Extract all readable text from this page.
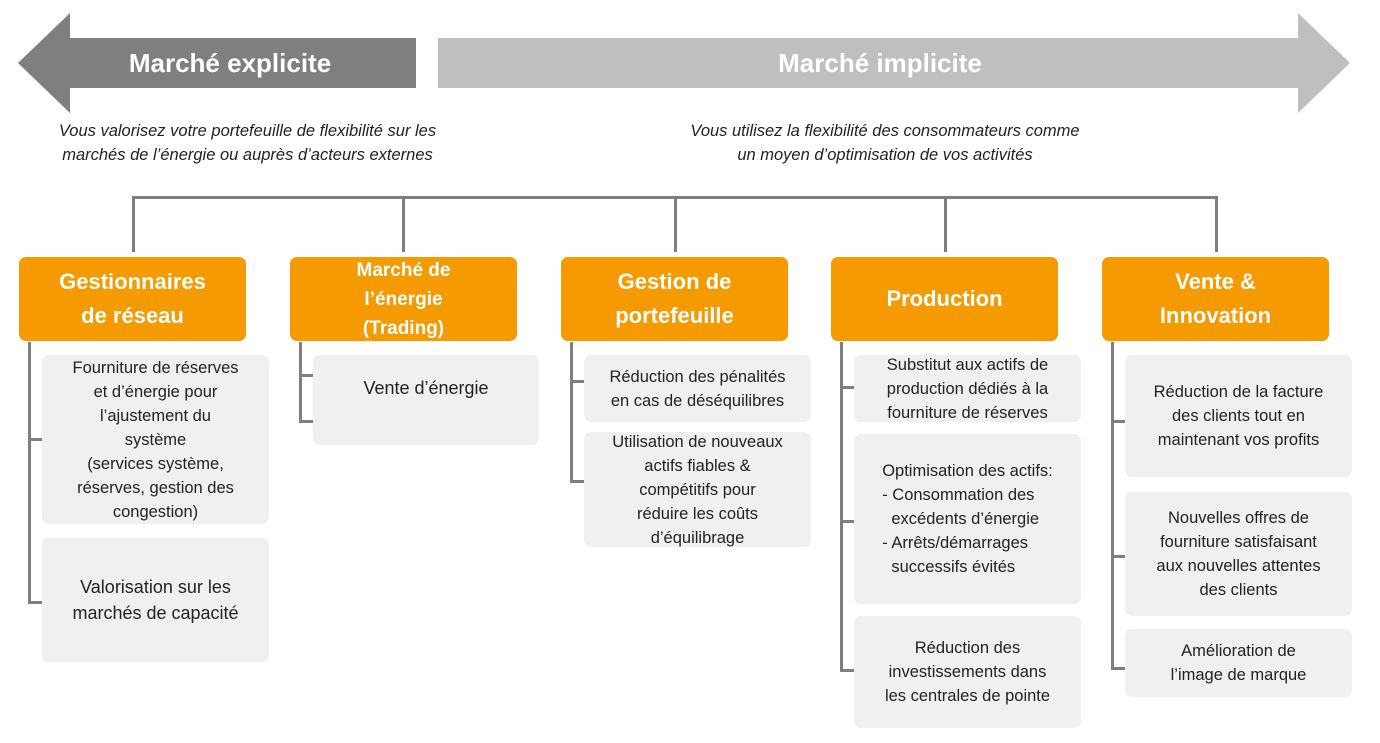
Marché explicite	Marché implicite
Vous valorisez votre portefeuille de flexibilité sur les
marchés de l’énergie ou auprès d’acteurs externes
Vous utilisez la flexibilité des consommateurs comme
un moyen d’optimisation de vos activités
Gestionnaires
de réseau
Fourniture de réserves
et d’énergie pour
l’ajustement du
système
(services système,
réserves, gestion des
congestion)
Valorisation sur les
marchés de capacité
Marché de
l’énergie
(Trading)
Vente d’énergie
Gestion de
portefeuille
Réduction des pénalités
en cas de déséquilibres
Utilisation de nouveaux
actifs fiables &
compétitifs pour
réduire les coûts
d’équilibrage
Production
Substitut aux actifs de
production dédiés à la
fourniture de réserves
Optimisation des actifs:
- Consommation des
excédents d’énergie
- Arrêts/démarrages
successifs évités
Réduction des
investissements dans
les centrales de pointe
Vente &
Innovation
Réduction de la facture
des clients tout en
maintenant vos profits
Nouvelles offres de
fourniture satisfaisant
aux nouvelles attentes
des clients
Amélioration de
l’image de marque
